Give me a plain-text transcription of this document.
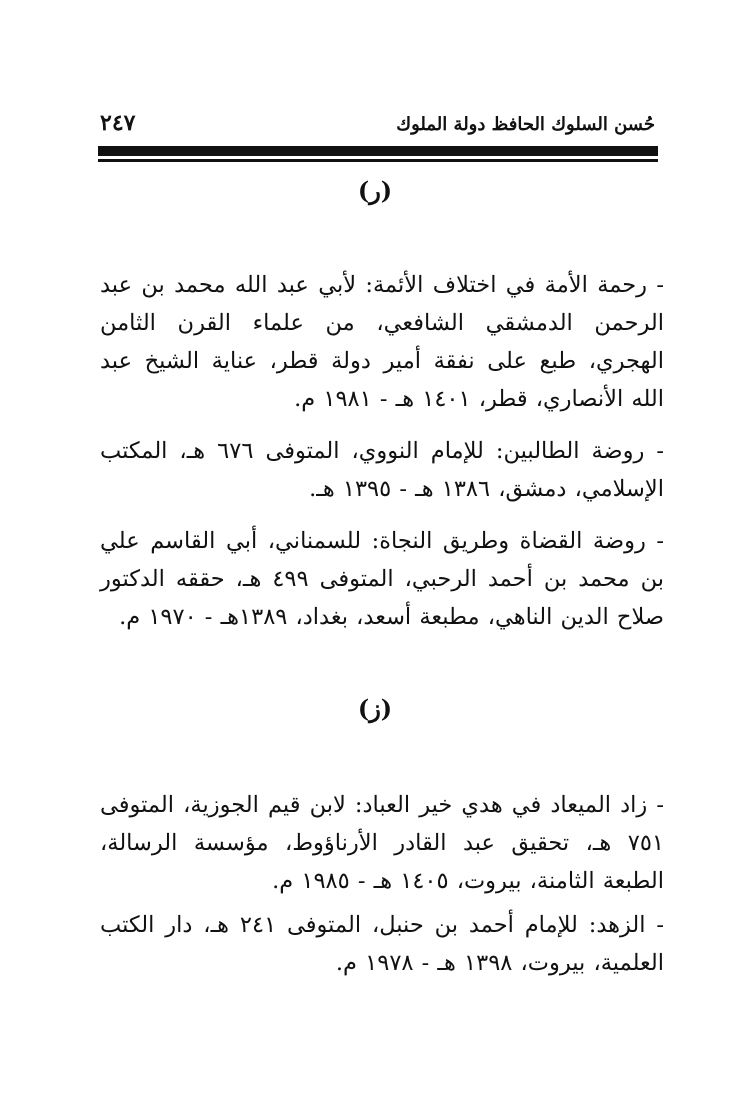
حُسن السلوك الحافظ دولة الملوك
٢٤٧
(ر)
- رحمة الأمة في اختلاف الأئمة: لأبي عبد الله محمد بن عبد الرحمن الدمشقي الشافعي، من علماء القرن الثامن الهجري، طبع على نفقة أمير دولة قطر، عناية الشيخ عبد الله الأنصاري، قطر، ١٤٠١ هـ - ١٩٨١ م.
- روضة الطالبين: للإمام النووي، المتوفى ٦٧٦ هـ، المكتب الإسلامي، دمشق، ١٣٨٦ هـ - ١٣٩٥ هـ.
- روضة القضاة وطريق النجاة: للسمناني، أبي القاسم علي بن محمد بن أحمد الرحبي، المتوفى ٤٩٩ هـ، حققه الدكتور صلاح الدين الناهي، مطبعة أسعد، بغداد، ١٣٨٩هـ - ١٩٧٠ م.
(ز)
- زاد الميعاد في هدي خير العباد: لابن قيم الجوزية، المتوفى ٧٥١ هـ، تحقيق عبد القادر الأرناؤوط، مؤسسة الرسالة، الطبعة الثامنة، بيروت، ١٤٠٥ هـ - ١٩٨٥ م.
- الزهد: للإمام أحمد بن حنبل، المتوفى ٢٤١ هـ، دار الكتب العلمية، بيروت، ١٣٩٨ هـ - ١٩٧٨ م.
